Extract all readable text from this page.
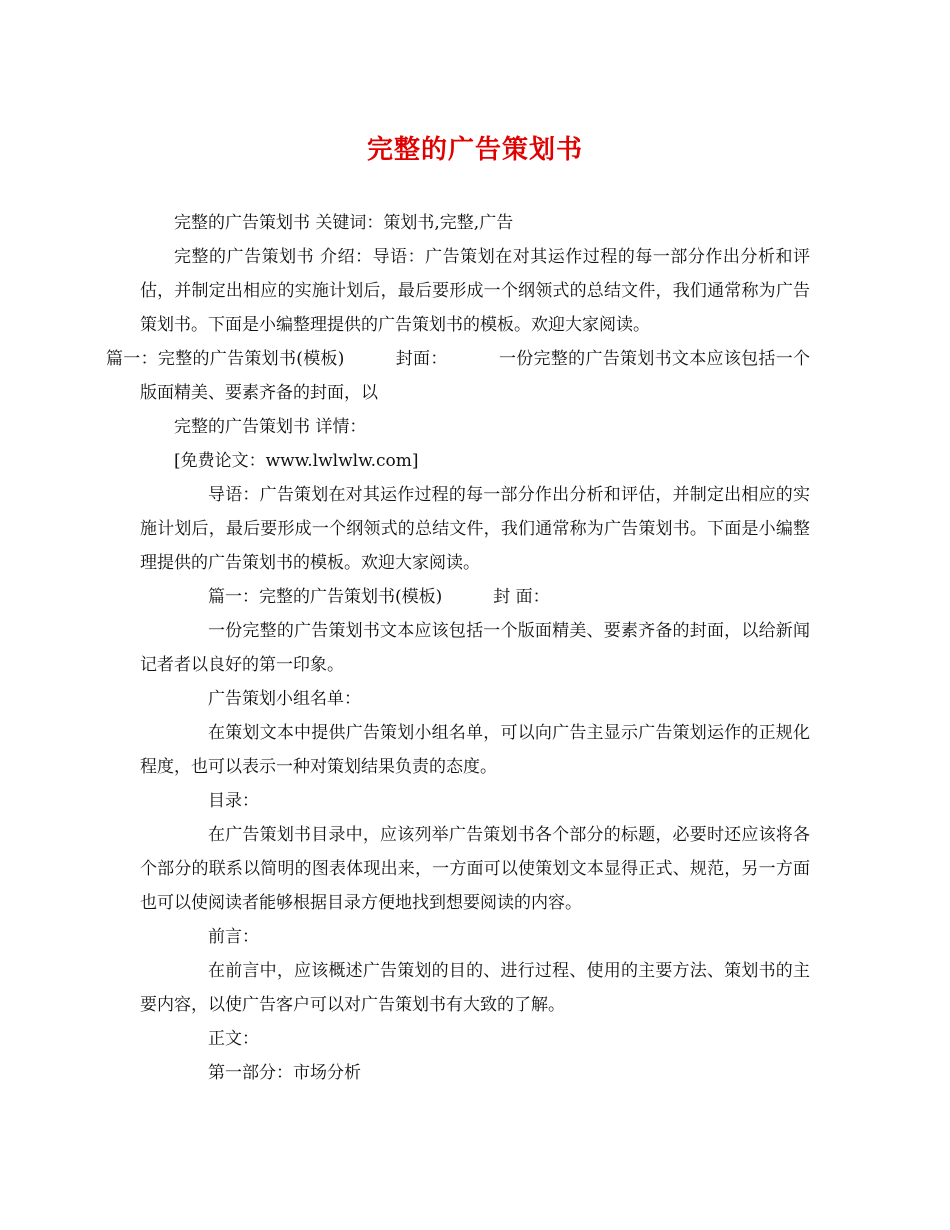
完整的广告策划书

完整的广告策划书 关键词：策划书,完整,广告

完整的广告策划书 介绍：导语：广告策划在对其运作过程的每一部分作出分析和评估，并制定出相应的实施计划后，最后要形成一个纲领式的总结文件，我们通常称为广告策划书。下面是小编整理提供的广告策划书的模板。欢迎大家阅读。
篇一：完整的广告策划书(模板)	封面：	一份完整的广告策划书文本应该包括一个版面精美、要素齐备的封面，以

完整的广告策划书 详情：

[免费论文：www.lwlwlw.com]

导语：广告策划在对其运作过程的每一部分作出分析和评估，并制定出相应的实施计划后，最后要形成一个纲领式的总结文件，我们通常称为广告策划书。下面是小编整理提供的广告策划书的模板。欢迎大家阅读。

篇一：完整的广告策划书(模板)	封 面：

一份完整的广告策划书文本应该包括一个版面精美、要素齐备的封面，以给新闻记者者以良好的第一印象。

广告策划小组名单：

在策划文本中提供广告策划小组名单，可以向广告主显示广告策划运作的正规化程度，也可以表示一种对策划结果负责的态度。

目录：

在广告策划书目录中，应该列举广告策划书各个部分的标题，必要时还应该将各个部分的联系以简明的图表体现出来，一方面可以使策划文本显得正式、规范，另一方面也可以使阅读者能够根据目录方便地找到想要阅读的内容。

前言：

在前言中，应该概述广告策划的目的、进行过程、使用的主要方法、策划书的主要内容，以使广告客户可以对广告策划书有大致的了解。

正文：

第一部分：市场分析
